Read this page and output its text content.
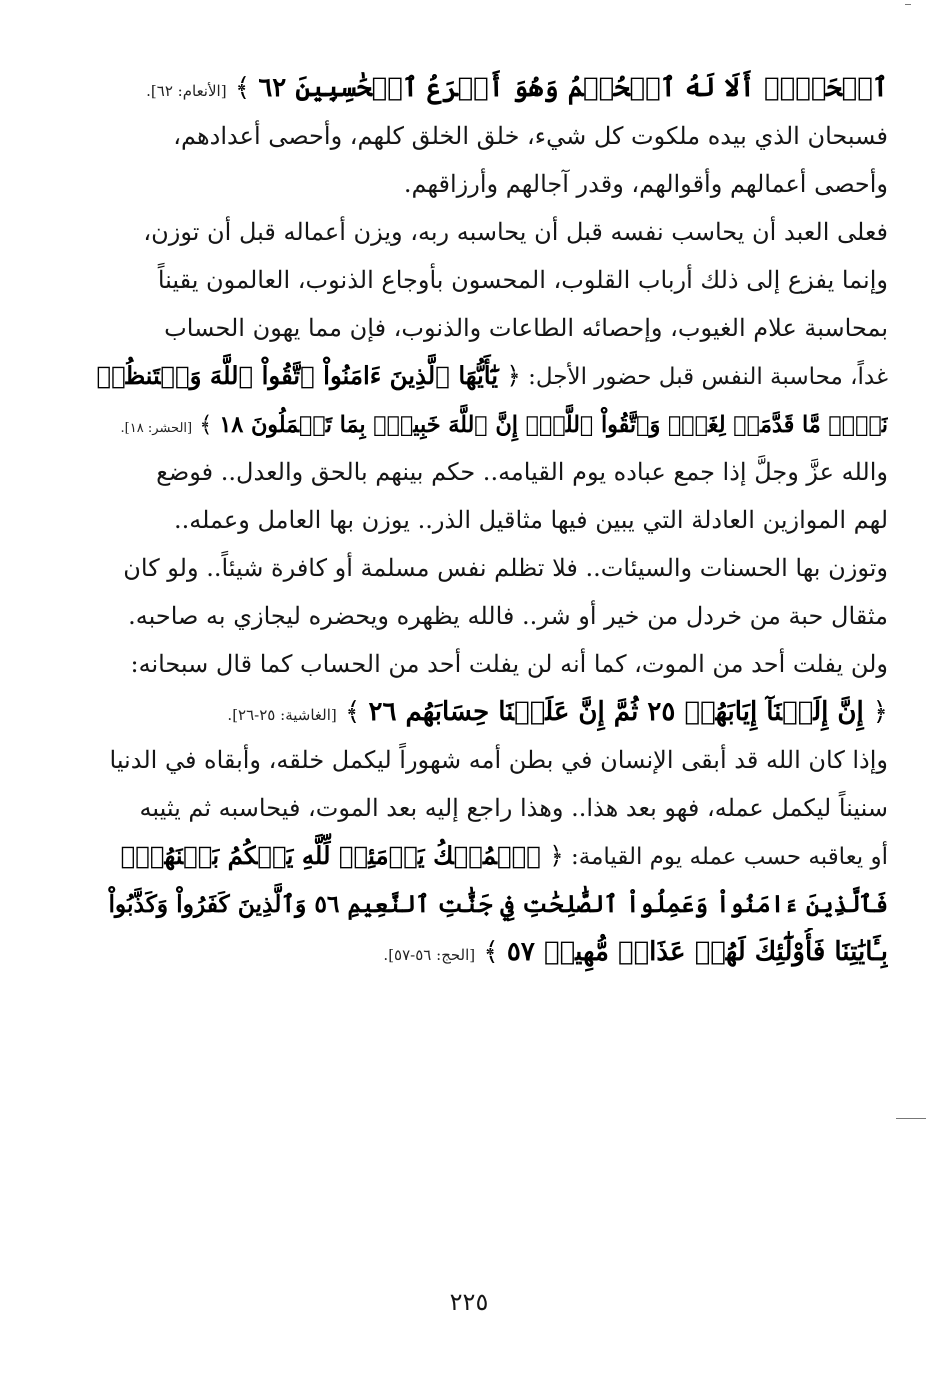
ٱلۡحَقِّۚ أَلَا لَهُ ٱلۡحُكۡمُ وَهُوَ أَسۡرَعُ ٱلۡحَٰسِبِينَ ٦٢ ﴾ [الأنعام: ٦٢].
فسبحان الذي بيده ملكوت كل شيء، خلق الخلق كلهم، وأحصى أعدادهم،
وأحصى أعمالهم وأقوالهم، وقدر آجالهم وأرزاقهم.
فعلى العبد أن يحاسب نفسه قبل أن يحاسبه ربه، ويزن أعماله قبل أن توزن،
وإنما يفزع إلى ذلك أرباب القلوب، المحسون بأوجاع الذنوب، العالمون يقيناً
بمحاسبة علام الغيوب، وإحصائه الطاعات والذنوب، فإن مما يهون الحساب
غداً، محاسبة النفس قبل حضور الأجل: ﴿ يَٰٓأَيُّهَا ٱلَّذِينَ ءَامَنُواْ ٱتَّقُواْ ٱللَّهَ وَلۡتَنظُرۡ
نَفۡسٞ مَّا قَدَّمَتۡ لِغَدٖۖ وَٱتَّقُواْ ٱللَّهَۚ إِنَّ ٱللَّهَ خَبِيرُۢ بِمَا تَعۡمَلُونَ ١٨ ﴾ [الحشر: ١٨].
والله عزَّ وجلَّ إذا جمع عباده يوم القيامه.. حكم بينهم بالحق والعدل.. فوضع
لهم الموازين العادلة التي يبين فيها مثاقيل الذر.. يوزن بها العامل وعمله..
وتوزن بها الحسنات والسيئات.. فلا تظلم نفس مسلمة أو كافرة شيئاً.. ولو كان
مثقال حبة من خردل من خير أو شر.. فالله يظهره ويحضره ليجازي به صاحبه.
ولن يفلت أحد من الموت، كما أنه لن يفلت أحد من الحساب كما قال سبحانه:
﴿ إِنَّ إِلَيۡنَآ إِيَابَهُمۡ ٢٥ ثُمَّ إِنَّ عَلَيۡنَا حِسَابَهُم ٢٦ ﴾ [الغاشية: ٢٥-٢٦].
وإذا كان الله قد أبقى الإنسان في بطن أمه شهوراً ليكمل خلقه، وأبقاه في الدنيا
سنيناً ليكمل عمله، فهو بعد هذا.. وهذا راجع إليه بعد الموت، فيحاسبه ثم يثيبه
أو يعاقبه حسب عمله يوم القيامة: ﴿ ٱلۡمُلۡكُ يَوۡمَئِذٖ لِّلَّهِ يَحۡكُمُ بَيۡنَهُمۡۚ
فَٱلَّذِينَ ءَامَنُواْ وَعَمِلُواْ ٱلصَّٰلِحَٰتِ فِي جَنَّٰتِ ٱلنَّعِيمِ ٥٦ وَٱلَّذِينَ كَفَرُواْ وَكَذَّبُواْ
بِـَٔايَٰتِنَا فَأُوْلَٰٓئِكَ لَهُمۡ عَذَابٞ مُّهِينٞ ٥٧ ﴾ [الحج: ٥٦-٥٧].
٢٢٥
